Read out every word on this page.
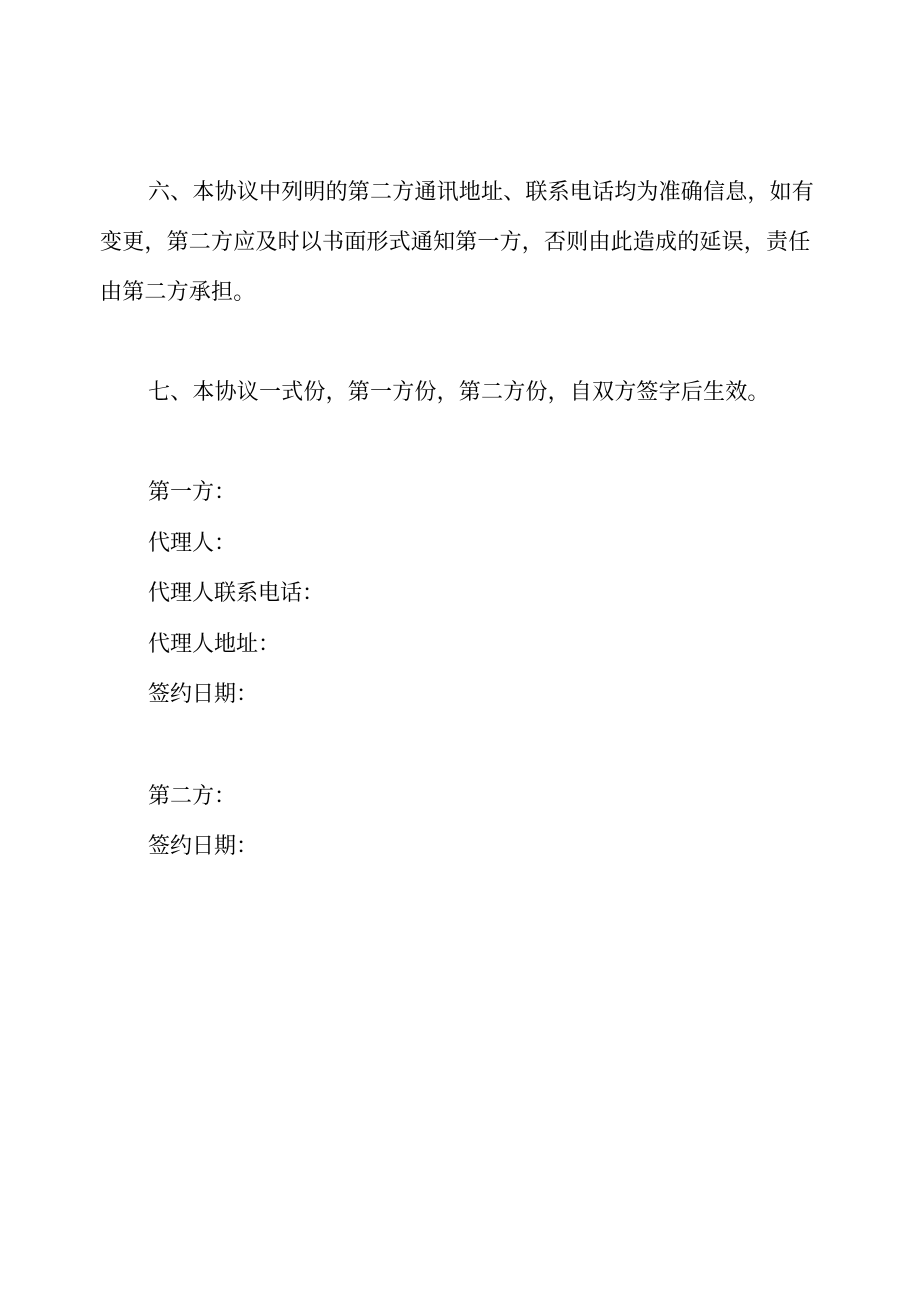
六、本协议中列明的第二方通讯地址、联系电话均为准确信息，如有变更，第二方应及时以书面形式通知第一方，否则由此造成的延误，责任由第二方承担。

七、本协议一式份，第一方份，第二方份，自双方签字后生效。

第一方：

代理人：

代理人联系电话：

代理人地址：

签约日期：

第二方：

签约日期：
